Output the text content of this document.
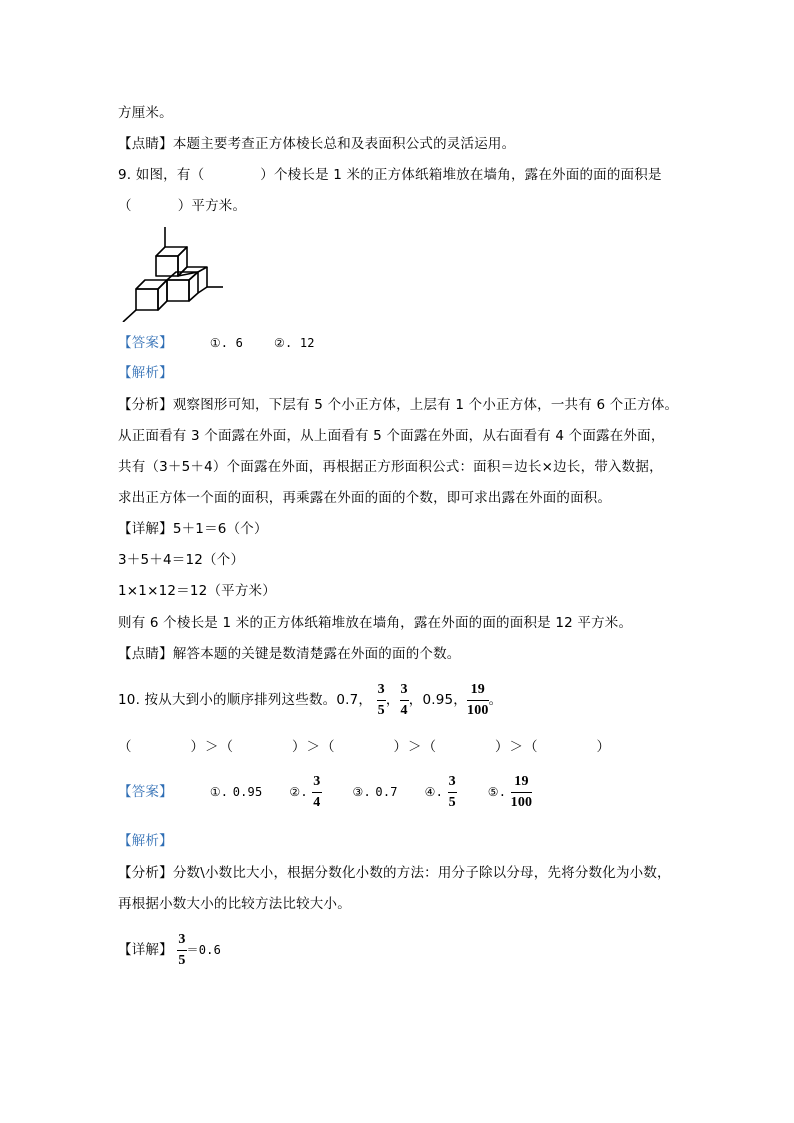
方厘米。
【点睛】本题主要考查正方体棱长总和及表面积公式的灵活运用。
9. 如图，有（	）个棱长是 1 米的正方体纸箱堆放在墙角，露在外面的面的面积是
（	）平方米。
【答案】	①. 6	②. 12
【解析】
【分析】观察图形可知，下层有 5 个小正方体，上层有 1 个小正方体，一共有 6 个正方体。
从正面看有 3 个面露在外面，从上面看有 5 个面露在外面，从右面看有 4 个面露在外面，
共有（3＋5＋4）个面露在外面，再根据正方形面积公式：面积＝边长×边长，带入数据，
求出正方体一个面的面积，再乘露在外面的面的个数，即可求出露在外面的面积。
【详解】5＋1＝6（个）
3＋5＋4＝12（个）
1×1×12＝12（平方米）
则有 6 个棱长是 1 米的正方体纸箱堆放在墙角，露在外面的面的面积是 12 平方米。
【点睛】解答本题的关键是数清楚露在外面的面的个数。
10. 按从大到小的顺序排列这些数。0.7， $\frac{3}{5}$ ， $\frac{3}{4}$ ，0.95， $\frac{19}{100}$ 。
（　　　　）＞（　　　　）＞（　　　　）＞（　　　　）＞（　　　　）
【答案】	①. 0.95 ②. $\frac{3}{4}$	③. 0.7 ④. $\frac{3}{5}$	⑤. $\frac{19}{100}$
【解析】
【分析】分数\小数比大小，根据分数化小数的方法：用分子除以分母，先将分数化为小数，
再根据小数大小的比较方法比较大小。
【详解】 $\frac{3}{5} =0.6$
